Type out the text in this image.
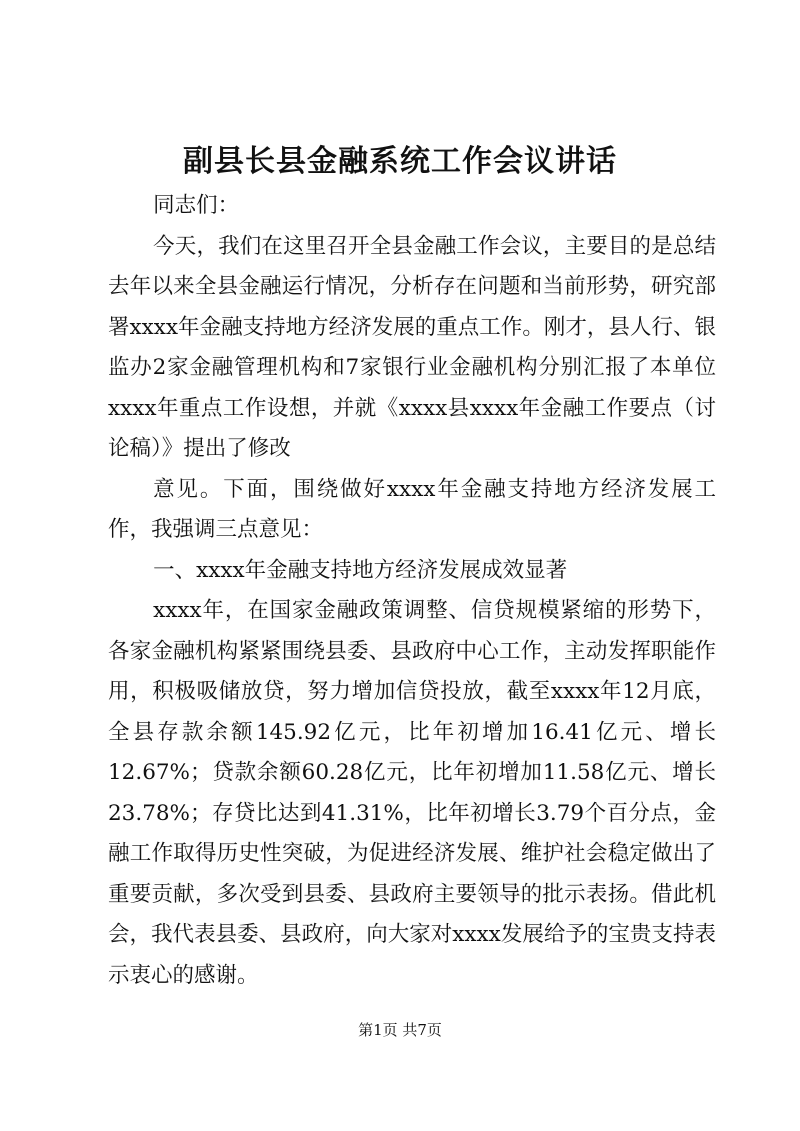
副县长县金融系统工作会议讲话

同志们：

今天，我们在这里召开全县金融工作会议，主要目的是总结去年以来全县金融运行情况，分析存在问题和当前形势，研究部署xxxx年金融支持地方经济发展的重点工作。刚才，县人行、银监办2家金融管理机构和7家银行业金融机构分别汇报了本单位xxxx年重点工作设想，并就《xxxx县xxxx年金融工作要点（讨论稿）》提出了修改

意见。下面，围绕做好xxxx年金融支持地方经济发展工作，我强调三点意见：

一、xxxx年金融支持地方经济发展成效显著

xxxx年，在国家金融政策调整、信贷规模紧缩的形势下，各家金融机构紧紧围绕县委、县政府中心工作，主动发挥职能作用，积极吸储放贷，努力增加信贷投放，截至xxxx年12月底，全县存款余额145.92亿元，比年初增加16.41亿元、增长12.67%；贷款余额60.28亿元，比年初增加11.58亿元、增长23.78%；存贷比达到41.31%，比年初增长3.79个百分点，金融工作取得历史性突破，为促进经济发展、维护社会稳定做出了重要贡献，多次受到县委、县政府主要领导的批示表扬。借此机会，我代表县委、县政府，向大家对xxxx发展给予的宝贵支持表示衷心的感谢。

第1页 共7页
